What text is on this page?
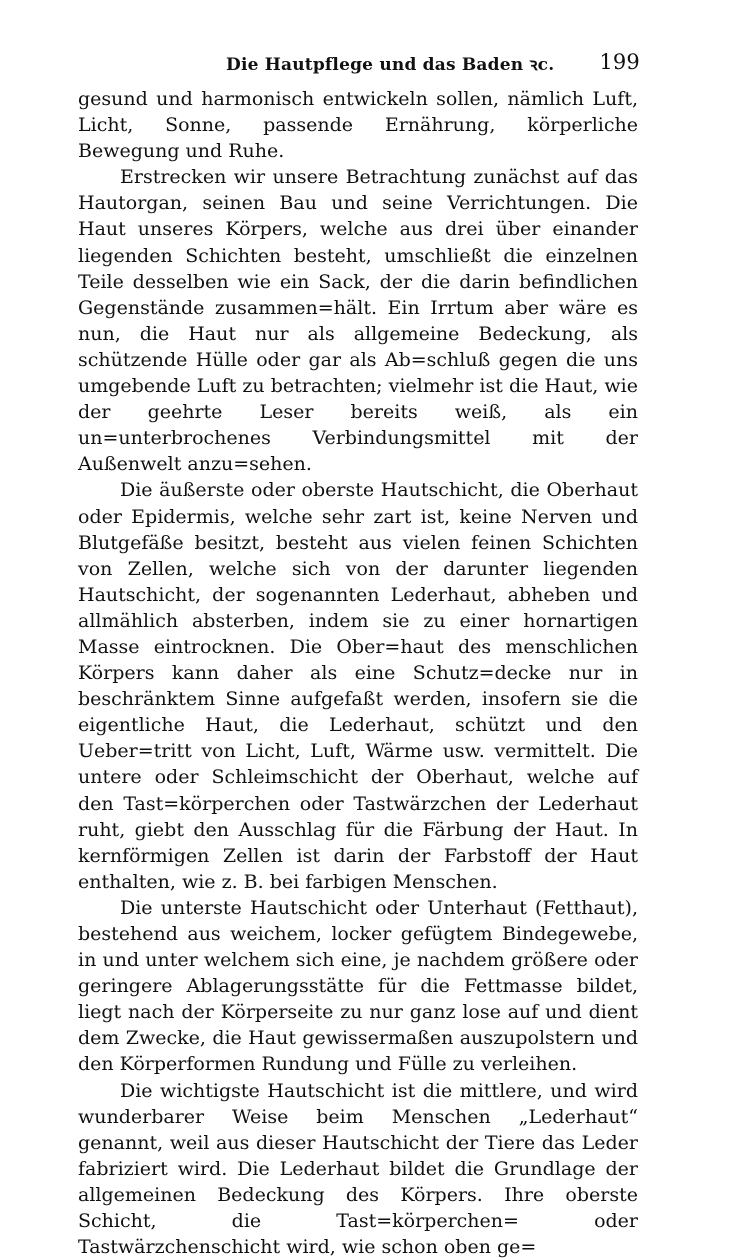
Die Hautpflege und das Baden ꝛc. 199

gesund und harmonisch entwickeln sollen, nämlich Luft, Licht, Sonne, passende Ernährung, körperliche Bewegung und Ruhe.

Erstrecken wir unsere Betrachtung zunächst auf das Hautorgan, seinen Bau und seine Verrichtungen. Die Haut unseres Körpers, welche aus drei über einander liegenden Schichten besteht, umschließt die einzelnen Teile desselben wie ein Sack, der die darin befindlichen Gegenstände zusammen=hält. Ein Irrtum aber wäre es nun, die Haut nur als allgemeine Bedeckung, als schützende Hülle oder gar als Ab=schluß gegen die uns umgebende Luft zu betrachten; vielmehr ist die Haut, wie der geehrte Leser bereits weiß, als ein un=unterbrochenes Verbindungsmittel mit der Außenwelt anzu=sehen.

Die äußerste oder oberste Hautschicht, die Oberhaut oder Epidermis, welche sehr zart ist, keine Nerven und Blutgefäße besitzt, besteht aus vielen feinen Schichten von Zellen, welche sich von der darunter liegenden Hautschicht, der sogenannten Lederhaut, abheben und allmählich absterben, indem sie zu einer hornartigen Masse eintrocknen. Die Ober=haut des menschlichen Körpers kann daher als eine Schutz=decke nur in beschränktem Sinne aufgefaßt werden, insofern sie die eigentliche Haut, die Lederhaut, schützt und den Ueber=tritt von Licht, Luft, Wärme usw. vermittelt. Die untere oder Schleimschicht der Oberhaut, welche auf den Tast=körperchen oder Tastwärzchen der Lederhaut ruht, giebt den Ausschlag für die Färbung der Haut. In kernförmigen Zellen ist darin der Farbstoff der Haut enthalten, wie z. B. bei farbigen Menschen.

Die unterste Hautschicht oder Unterhaut (Fetthaut), bestehend aus weichem, locker gefügtem Bindegewebe, in und unter welchem sich eine, je nachdem größere oder geringere Ablagerungsstätte für die Fettmasse bildet, liegt nach der Körperseite zu nur ganz lose auf und dient dem Zwecke, die Haut gewissermaßen auszupolstern und den Körperformen Rundung und Fülle zu verleihen.

Die wichtigste Hautschicht ist die mittlere, und wird wunderbarer Weise beim Menschen „Lederhaut“ genannt, weil aus dieser Hautschicht der Tiere das Leder fabriziert wird. Die Lederhaut bildet die Grundlage der allgemeinen Bedeckung des Körpers. Ihre oberste Schicht, die Tast=körperchen= oder Tastwärzchenschicht wird, wie schon oben ge=
